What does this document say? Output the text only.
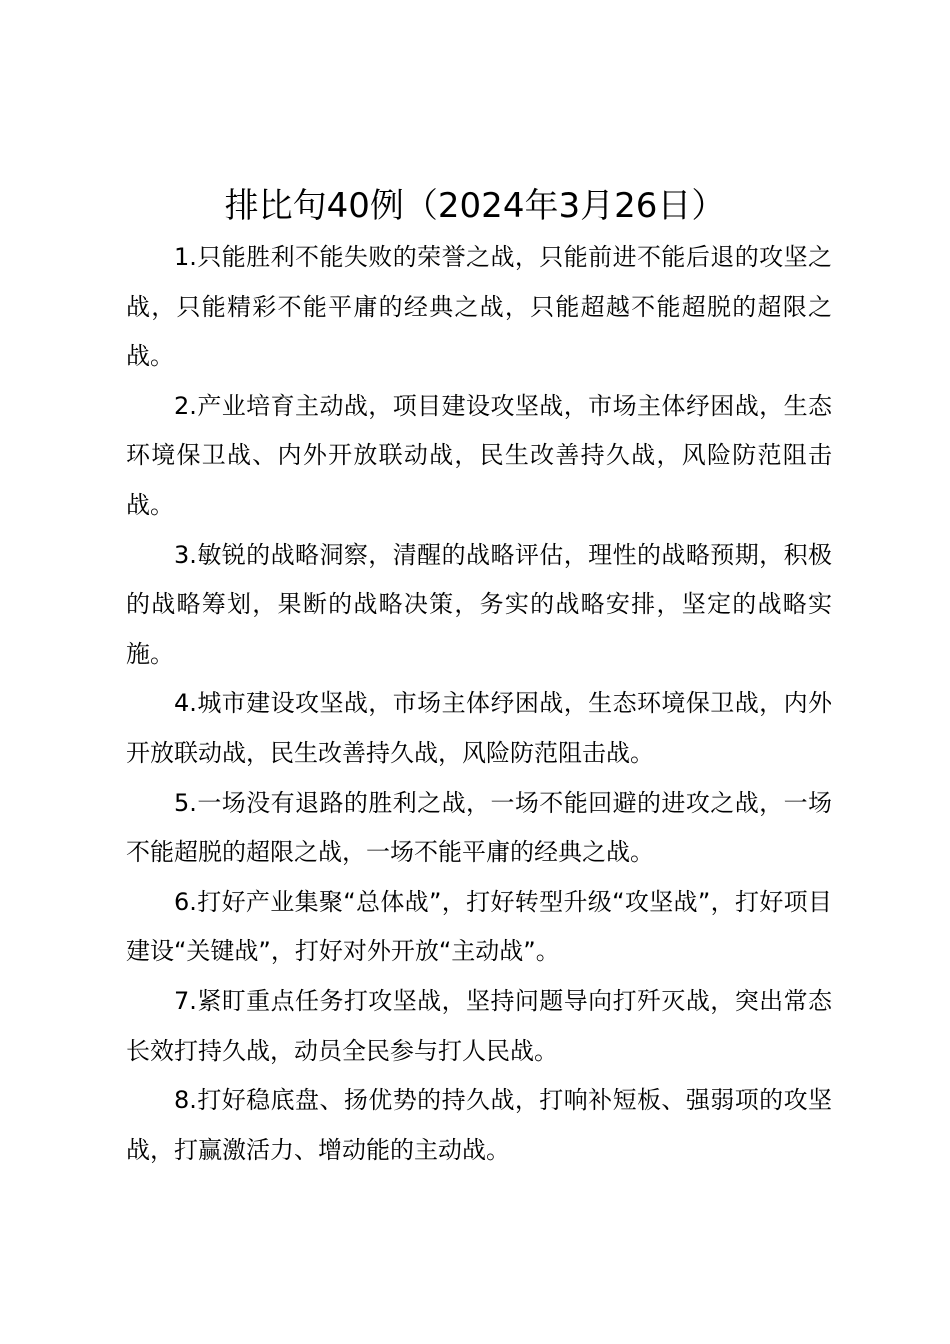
排比句40例（2024年3月26日）

1.只能胜利不能失败的荣誉之战，只能前进不能后退的攻坚之战，只能精彩不能平庸的经典之战，只能超越不能超脱的超限之战。

2.产业培育主动战，项目建设攻坚战，市场主体纾困战，生态环境保卫战、内外开放联动战，民生改善持久战，风险防范阻击战。

3.敏锐的战略洞察，清醒的战略评估，理性的战略预期，积极的战略筹划，果断的战略决策，务实的战略安排，坚定的战略实施。

4.城市建设攻坚战，市场主体纾困战，生态环境保卫战，内外开放联动战，民生改善持久战，风险防范阻击战。

5.一场没有退路的胜利之战，一场不能回避的进攻之战，一场不能超脱的超限之战，一场不能平庸的经典之战。

6.打好产业集聚“总体战”，打好转型升级“攻坚战”，打好项目建设“关键战”，打好对外开放“主动战”。

7.紧盯重点任务打攻坚战，坚持问题导向打歼灭战，突出常态长效打持久战，动员全民参与打人民战。

8.打好稳底盘、扬优势的持久战，打响补短板、强弱项的攻坚战，打赢激活力、增动能的主动战。
